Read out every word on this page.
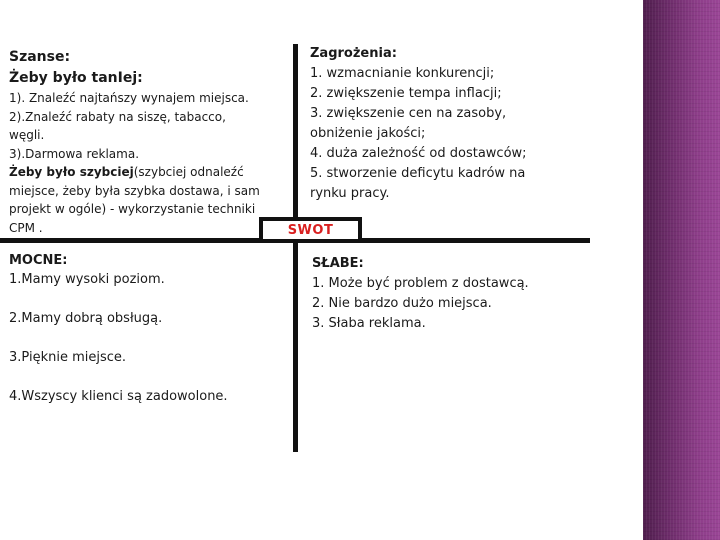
SWOT
Szanse:
Żeby było tanIej:
1). Znaleźć najtańszy wynajem miejsca.
2).Znaleźć rabaty na siszę, tabacco,
węgli.
3).Darmowa reklama.
Żeby było szybciej(szybciej odnaleźć
miejsce, żeby była szybka dostawa, i sam
projekt w ogóle) - wykorzystanie techniki
CPM .
Zagrożenia:
1. wzmacnianie konkurencji;
2. zwiększenie tempa inflacji;
3. zwiększenie cen na zasoby,
obniżenie jakości;
4. duża zależność od dostawców;
5. stworzenie deficytu kadrów na
rynku pracy.
MOCNE:
1.Mamy wysoki poziom.
2.Mamy dobrą obsługą.
3.Pięknie miejsce.
4.Wszyscy klienci są zadowolone.
SŁABE:
1. Może być problem z dostawcą.
2. Nie bardzo dużo miejsca.
3. Słaba reklama.
